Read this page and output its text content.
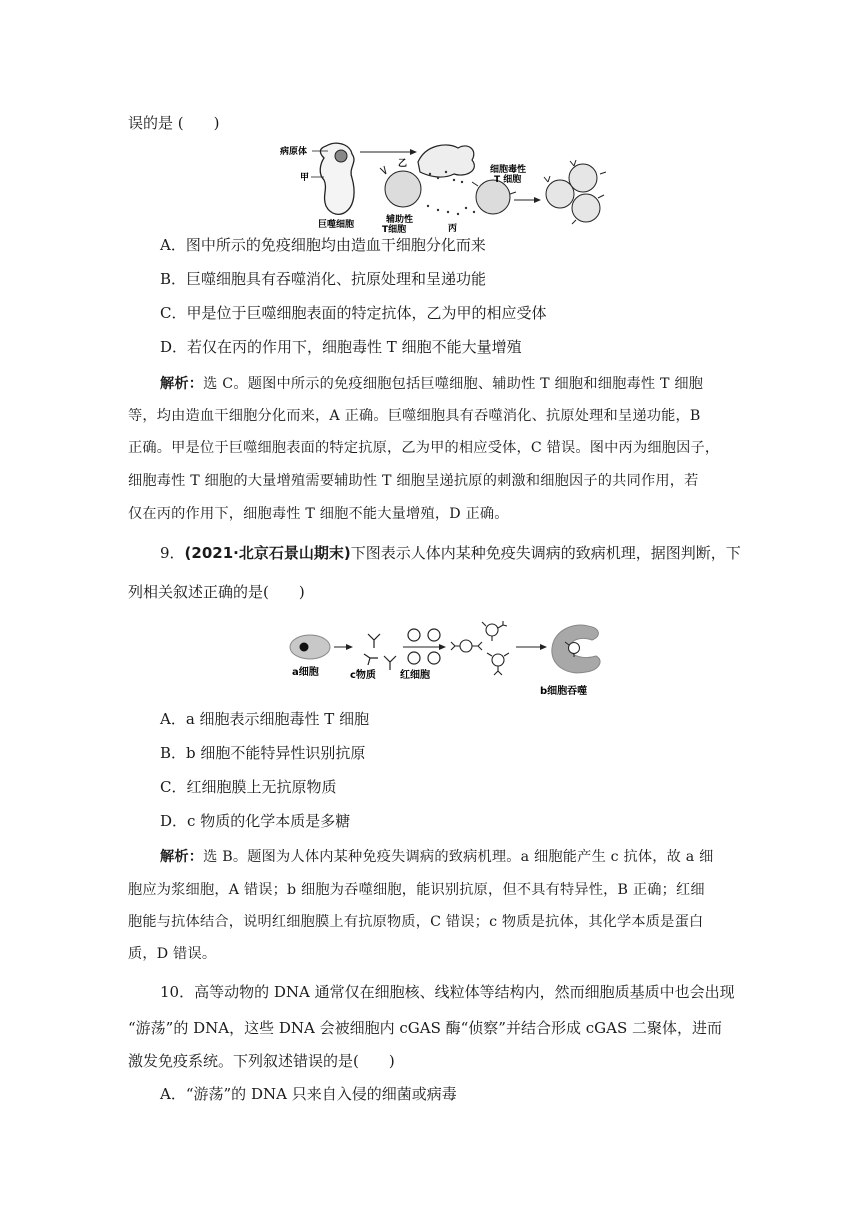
误的是 (　　)
病原体
甲
巨噬细胞
乙
辅助性
T细胞
细胞毒性
T 细胞
丙
A．图中所示的免疫细胞均由造血干细胞分化而来
B．巨噬细胞具有吞噬消化、抗原处理和呈递功能
C．甲是位于巨噬细胞表面的特定抗体，乙为甲的相应受体
D．若仅在丙的作用下，细胞毒性 T 细胞不能大量增殖
解析：选 C。题图中所示的免疫细胞包括巨噬细胞、辅助性 T 细胞和细胞毒性 T 细胞
等，均由造血干细胞分化而来，A 正确。巨噬细胞具有吞噬消化、抗原处理和呈递功能，B
正确。甲是位于巨噬细胞表面的特定抗原，乙为甲的相应受体，C 错误。图中丙为细胞因子，
细胞毒性 T 细胞的大量增殖需要辅助性 T 细胞呈递抗原的刺激和细胞因子的共同作用，若
仅在丙的作用下，细胞毒性 T 细胞不能大量增殖，D 正确。
9．(2021·北京石景山期末)下图表示人体内某种免疫失调病的致病机理，据图判断，下
列相关叙述正确的是(　　)
a细胞	c物质 红细胞
b细胞吞噬
A．a 细胞表示细胞毒性 T 细胞
B．b 细胞不能特异性识别抗原
C．红细胞膜上无抗原物质
D．c 物质的化学本质是多糖
解析：选 B。题图为人体内某种免疫失调病的致病机理。a 细胞能产生 c 抗体，故 a 细
胞应为浆细胞，A 错误；b 细胞为吞噬细胞，能识别抗原，但不具有特异性，B 正确；红细
胞能与抗体结合，说明红细胞膜上有抗原物质，C 错误；c 物质是抗体，其化学本质是蛋白
质，D 错误。
10．高等动物的 DNA 通常仅在细胞核、线粒体等结构内，然而细胞质基质中也会出现
“游荡”的 DNA，这些 DNA 会被细胞内 cGAS 酶“侦察”并结合形成 cGAS 二聚体，进而
激发免疫系统。下列叙述错误的是(　　)
A．“游荡”的 DNA 只来自入侵的细菌或病毒
